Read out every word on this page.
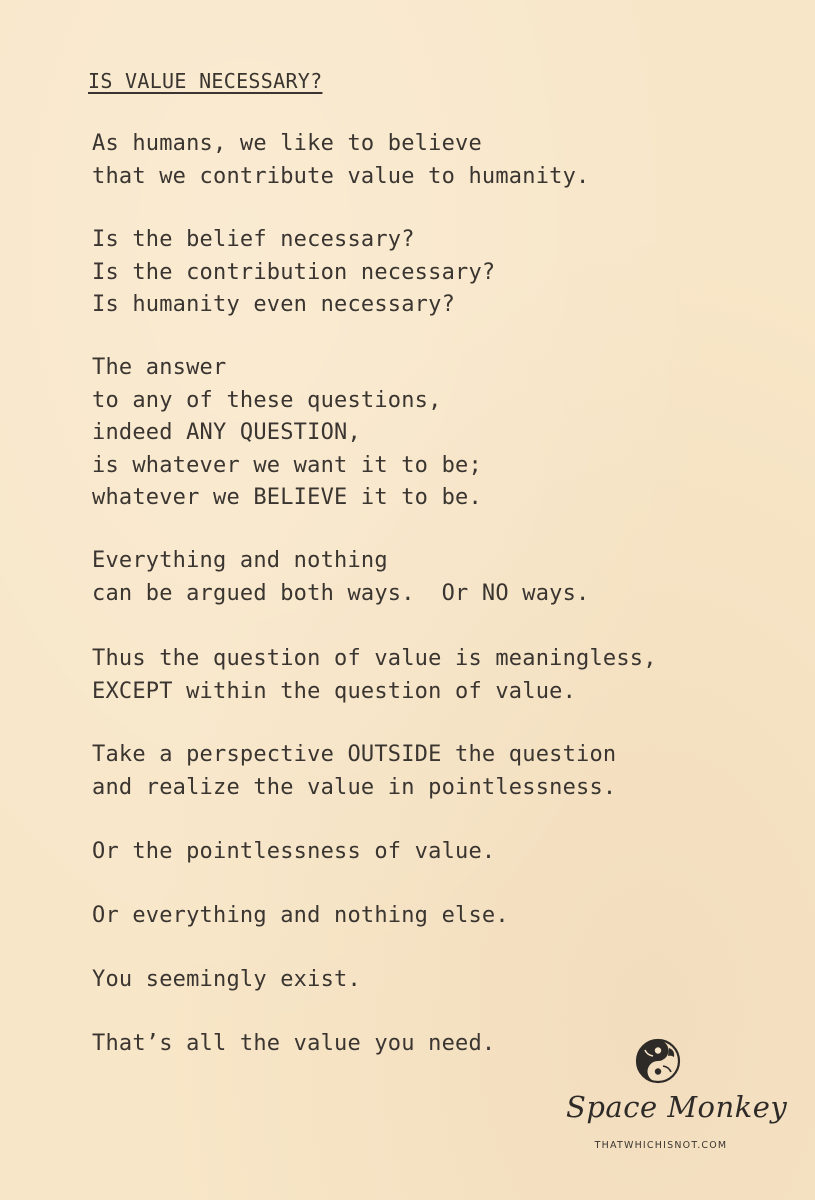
IS VALUE NECESSARY?
As humans, we like to believe
that we contribute value to humanity.
Is the belief necessary?
Is the contribution necessary?
Is humanity even necessary?
The answer
to any of these questions,
indeed ANY QUESTION,
is whatever we want it to be;
whatever we BELIEVE it to be.
Everything and nothing
can be argued both ways.  Or NO ways.
Thus the question of value is meaningless,
EXCEPT within the question of value.
Take a perspective OUTSIDE the question
and realize the value in pointlessness.
Or the pointlessness of value.
Or everything and nothing else.
You seemingly exist.
That’s all the value you need.
Space Monkey
THATWHICHISNOT.COM
